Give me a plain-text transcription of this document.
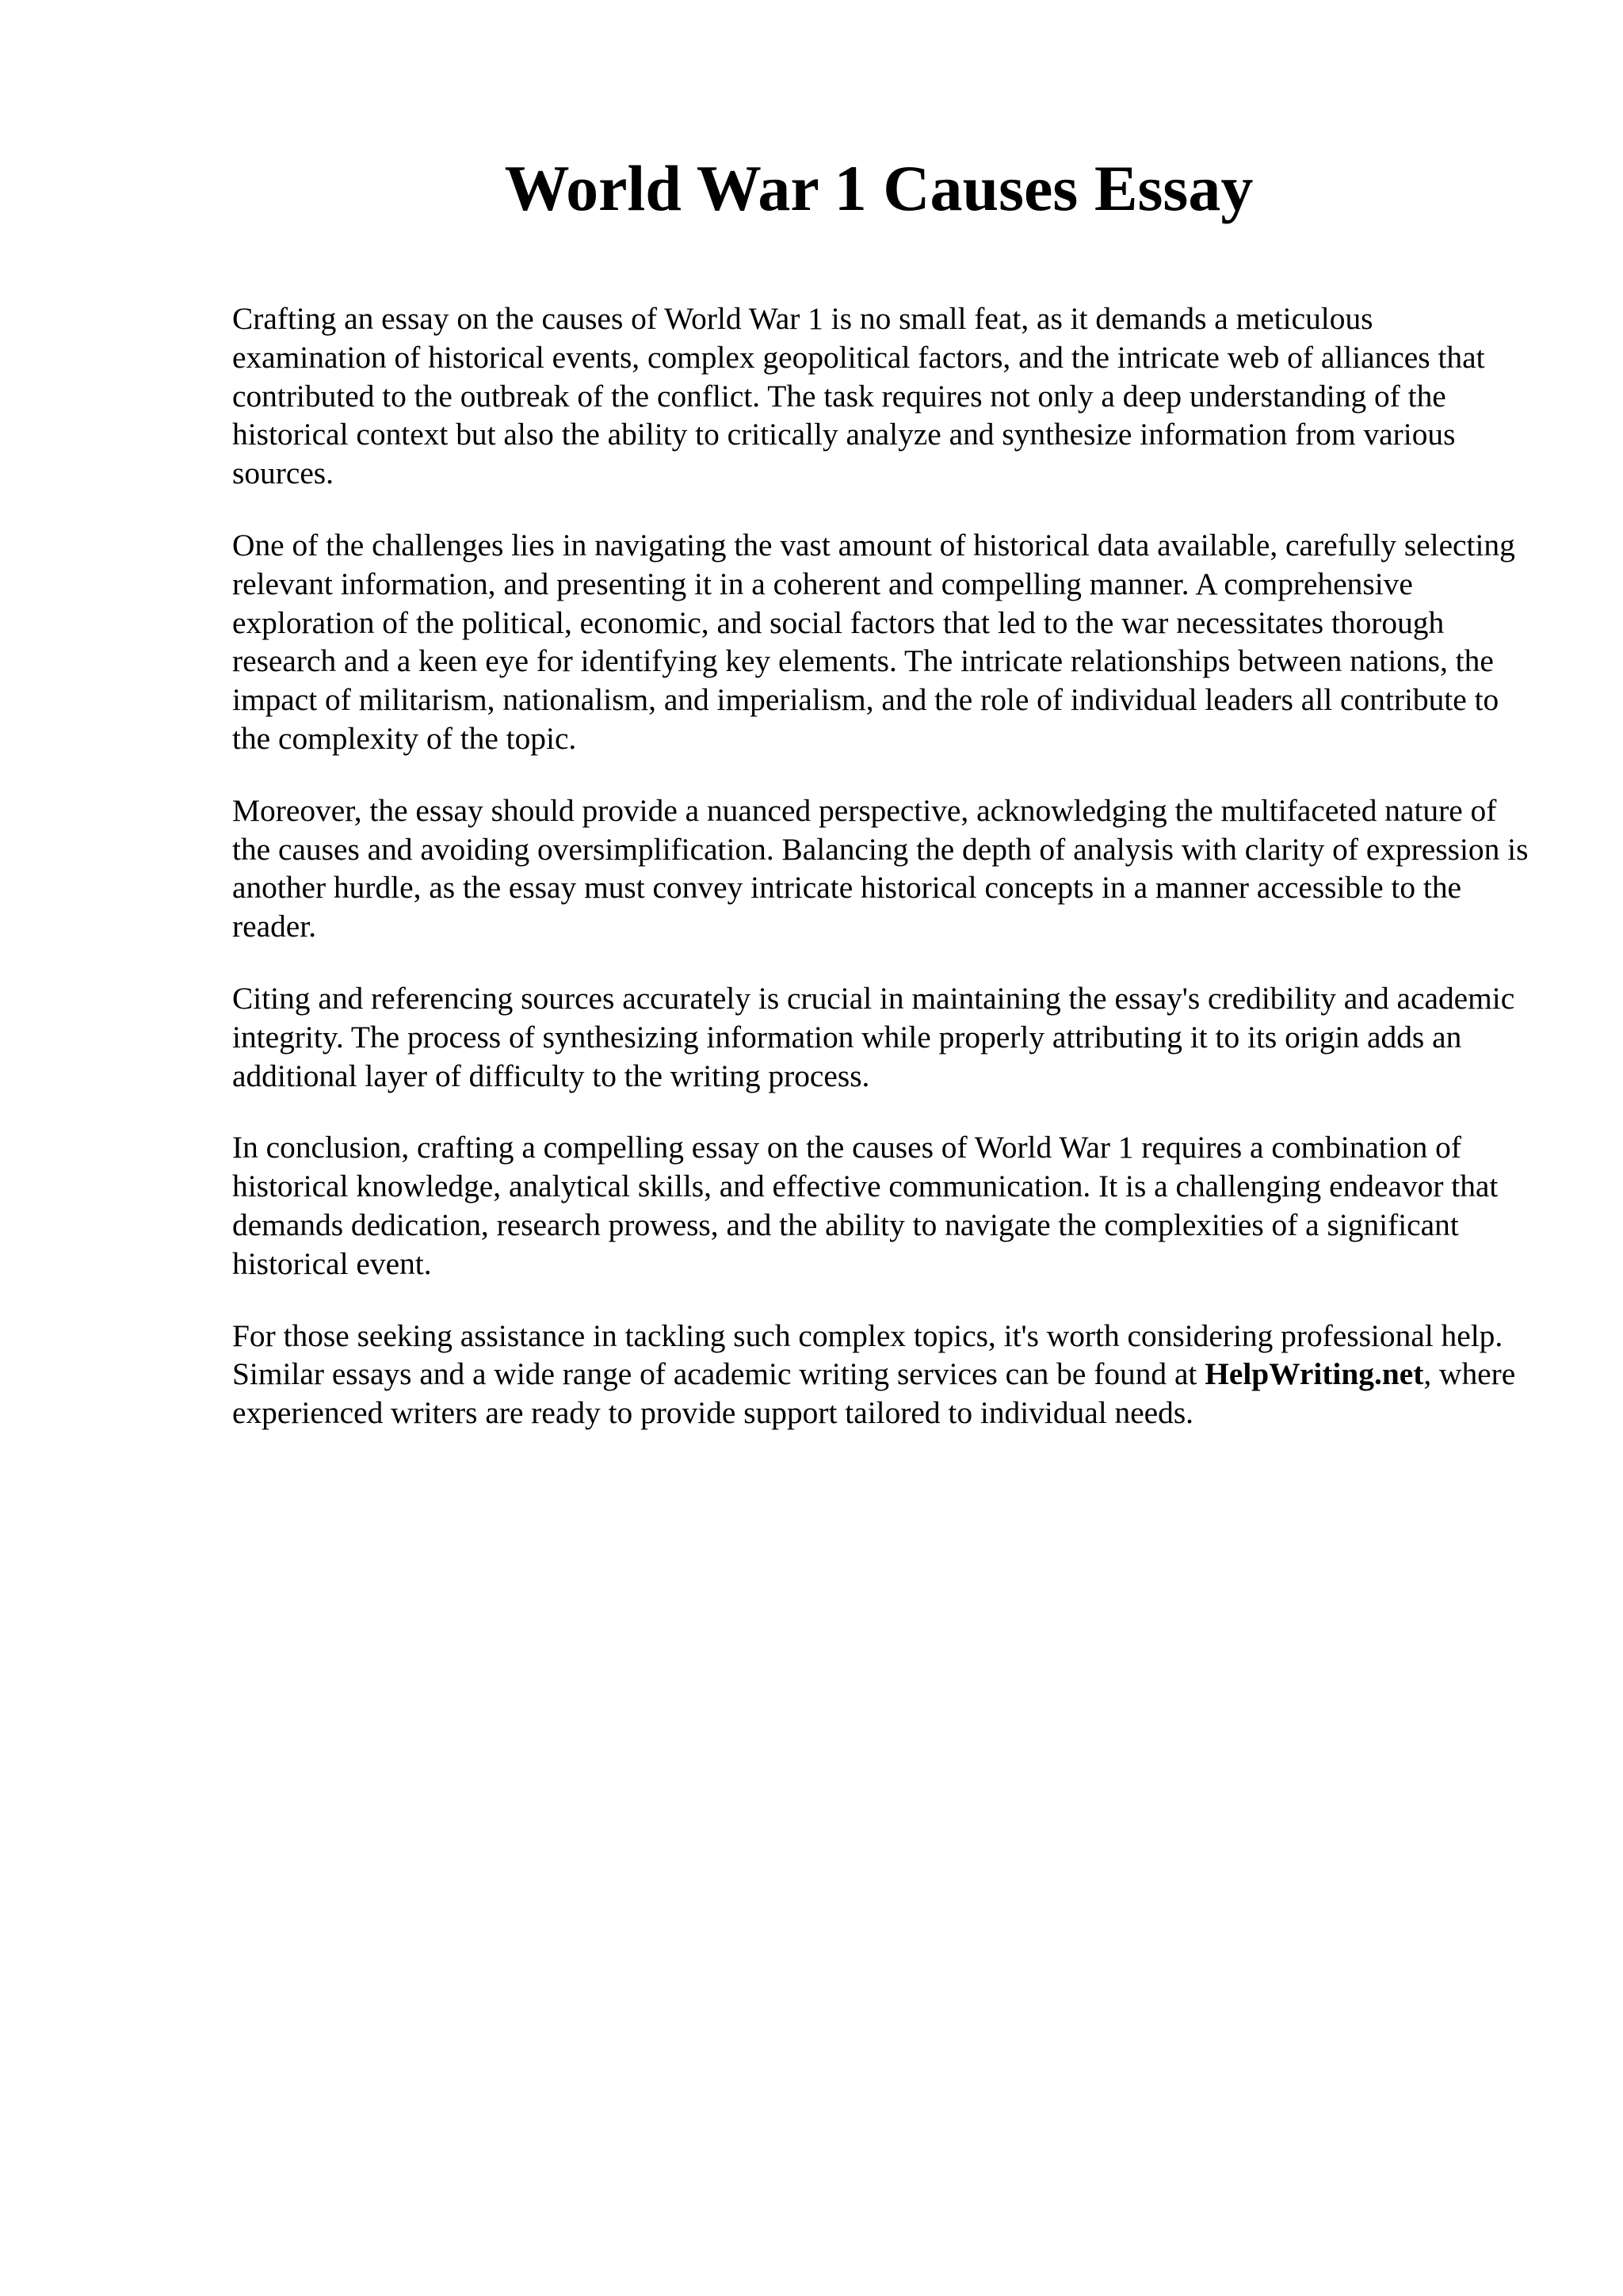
World War 1 Causes Essay

Crafting an essay on the causes of World War 1 is no small feat, as it demands a meticulous examination of historical events, complex geopolitical factors, and the intricate web of alliances that contributed to the outbreak of the conflict. The task requires not only a deep understanding of the historical context but also the ability to critically analyze and synthesize information from various sources.

One of the challenges lies in navigating the vast amount of historical data available, carefully selecting relevant information, and presenting it in a coherent and compelling manner. A comprehensive exploration of the political, economic, and social factors that led to the war necessitates thorough research and a keen eye for identifying key elements. The intricate relationships between nations, the impact of militarism, nationalism, and imperialism, and the role of individual leaders all contribute to the complexity of the topic.

Moreover, the essay should provide a nuanced perspective, acknowledging the multifaceted nature of the causes and avoiding oversimplification. Balancing the depth of analysis with clarity of expression is another hurdle, as the essay must convey intricate historical concepts in a manner accessible to the reader.

Citing and referencing sources accurately is crucial in maintaining the essay's credibility and academic integrity. The process of synthesizing information while properly attributing it to its origin adds an additional layer of difficulty to the writing process.

In conclusion, crafting a compelling essay on the causes of World War 1 requires a combination of historical knowledge, analytical skills, and effective communication. It is a challenging endeavor that demands dedication, research prowess, and the ability to navigate the complexities of a significant historical event.

For those seeking assistance in tackling such complex topics, it's worth considering professional help. Similar essays and a wide range of academic writing services can be found at HelpWriting.net, where experienced writers are ready to provide support tailored to individual needs.
